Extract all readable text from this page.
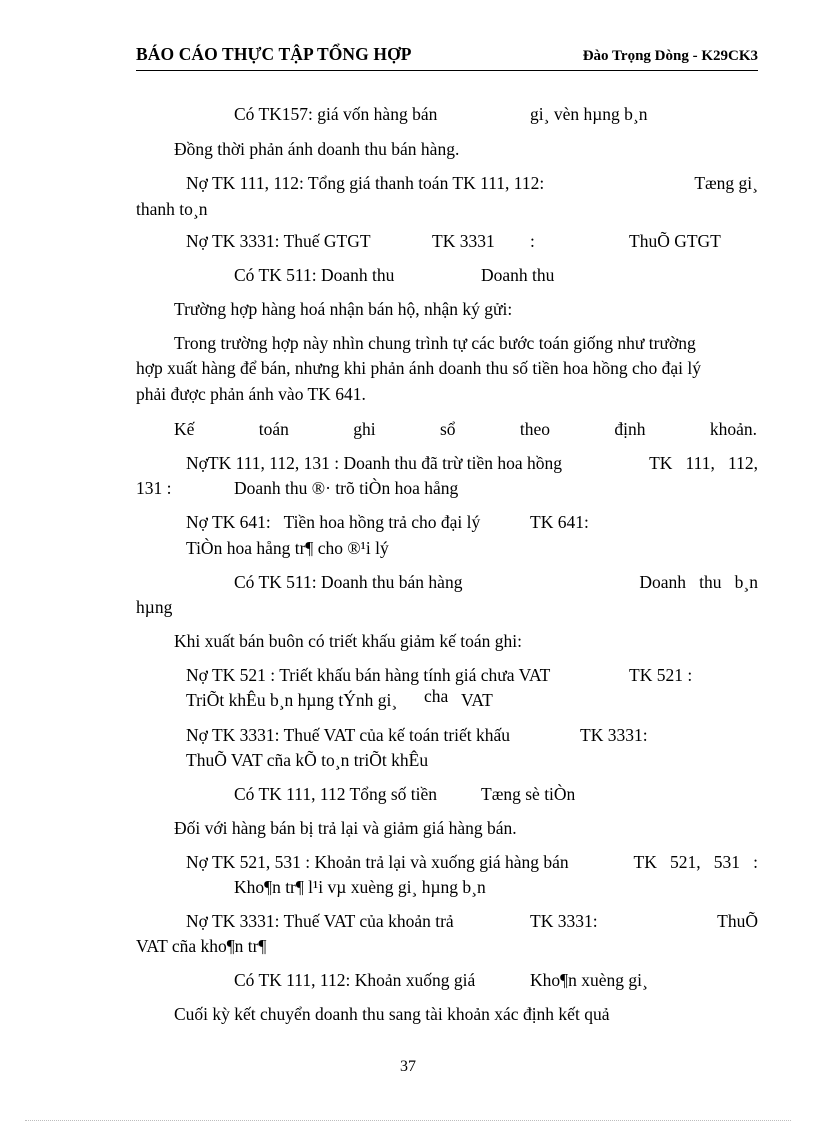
BÁO CÁO THỰC TẬP TỔNG HỢP	Đào Trọng Dòng - K29CK3
Có TK157: giá vốn hàng bán	gi¸ vèn hµng b¸n
Đồng thời phản ánh doanh thu bán hàng.
Nợ TK 111, 112: Tổng giá thanh toán TK 111, 112:	Tæng gi¸
thanh to¸n
Nợ TK 3331: Thuế GTGT	TK 3331 :	ThuÕ GTGT
Có TK 511: Doanh thu	Doanh thu
Trường hợp hàng hoá nhận bán hộ, nhận ký gửi:
Trong trường hợp này nhìn chung trình tự các bước toán giống như trường
hợp xuất hàng để bán, nhưng khi phản ánh doanh thu số tiền hoa hồng cho đại lý
phải được phản ánh vào TK 641.
Kế	toán	ghi	sổ	theo	định	khoản.
NợTK 111, 112, 131 : Doanh thu đã trừ tiền hoa hồng	TK   111,   112,
131 :	Doanh thu ®· trõ tiÒn hoa hång
Nợ TK 641:   Tiền hoa hồng trả cho đại lý	TK 641:
TiÒn hoa hång tr¶ cho ®¹i lý
Có TK 511: Doanh thu bán hàng	Doanh   thu   b¸n
hµng
Khi xuất bán buôn có triết khấu giảm kế toán ghi:
Nợ TK 521 : Triết khấu bán hàng tính giá chưa VAT	TK 521 :
TriÕt khÊu b¸n hµng tÝnh gi¸ cha VAT
Nợ TK 3331: Thuế VAT của kế toán triết khấu	TK 3331:
ThuÕ VAT cña kÕ to¸n triÕt khÊu
Có TK 111, 112 Tổng số tiền	Tæng sè tiÒn
Đối với hàng bán bị trả lại và giảm giá hàng bán.
Nợ TK 521, 531 : Khoản trả lại và xuống giá hàng bán	TK   521,   531   :
Kho¶n tr¶ l¹i vµ xuèng gi¸ hµng b¸n
Nợ TK 3331: Thuế VAT của khoản trả	TK 3331:	ThuÕ
VAT cña kho¶n tr¶
Có TK 111, 112: Khoản xuống giá	Kho¶n xuèng gi¸
Cuối kỳ kết chuyển doanh thu sang tài khoản xác định kết quả
37
